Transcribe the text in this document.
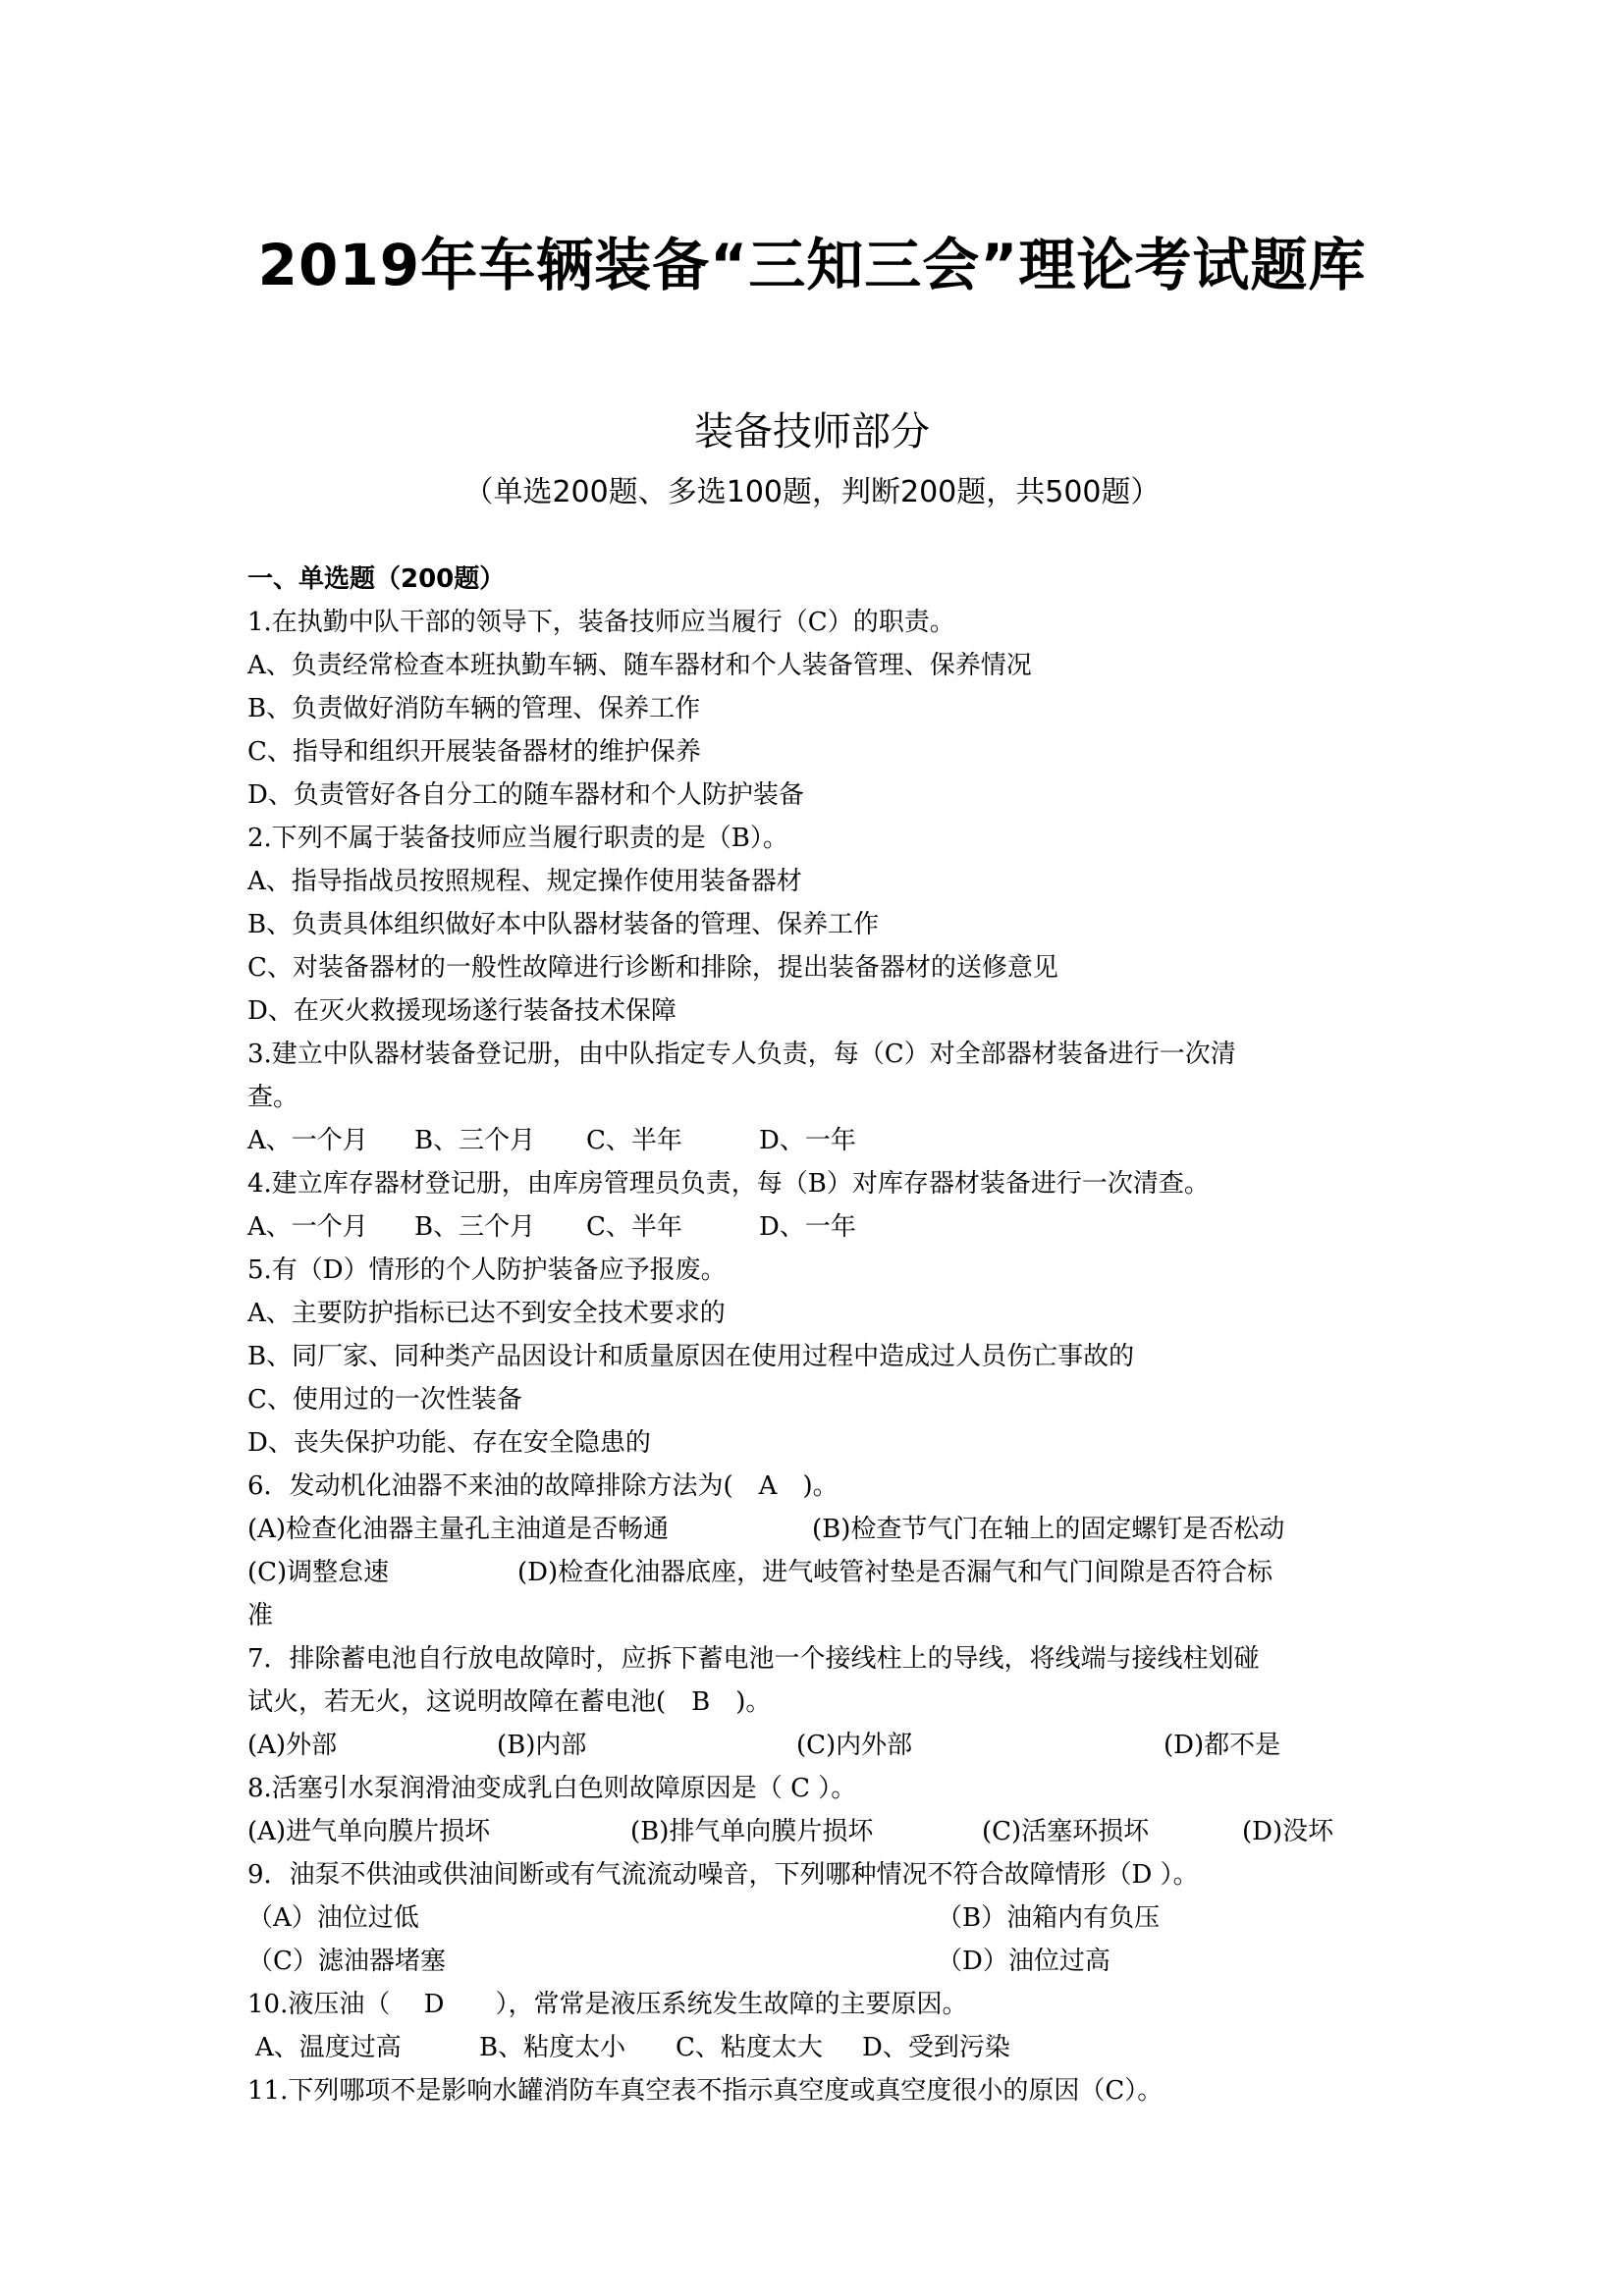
2019年车辆装备“三知三会”理论考试题库
装备技师部分
（单选200题、多选100题，判断200题，共500题）
一、单选题（200题）
1.在执勤中队干部的领导下，装备技师应当履行（C）的职责。
A、负责经常检查本班执勤车辆、随车器材和个人装备管理、保养情况
B、负责做好消防车辆的管理、保养工作
C、指导和组织开展装备器材的维护保养
D、负责管好各自分工的随车器材和个人防护装备
2.下列不属于装备技师应当履行职责的是（B）。
A、指导指战员按照规程、规定操作使用装备器材
B、负责具体组织做好本中队器材装备的管理、保养工作
C、对装备器材的一般性故障进行诊断和排除，提出装备器材的送修意见
D、在灭火救援现场遂行装备技术保障
3.建立中队器材装备登记册，由中队指定专人负责，每（C）对全部器材装备进行一次清
查。
A、一个月	B、三个月	C、半年	D、一年
4.建立库存器材登记册，由库房管理员负责，每（B）对库存器材装备进行一次清查。
A、一个月	B、三个月	C、半年	D、一年
5.有（D）情形的个人防护装备应予报废。
A、主要防护指标已达不到安全技术要求的
B、同厂家、同种类产品因设计和质量原因在使用过程中造成过人员伤亡事故的
C、使用过的一次性装备
D、丧失保护功能、存在安全隐患的
6．发动机化油器不来油的故障排除方法为(　A　)。
(A)检查化油器主量孔主油道是否畅通	(B)检查节气门在轴上的固定螺钉是否松动
(C)调整怠速	(D)检查化油器底座，进气岐管衬垫是否漏气和气门间隙是否符合标
准
7．排除蓄电池自行放电故障时，应拆下蓄电池一个接线柱上的导线，将线端与接线柱划碰
试火，若无火，这说明故障在蓄电池(　B　)。
(A)外部	(B)内部	(C)内外部	(D)都不是
8.活塞引水泵润滑油变成乳白色则故障原因是（ C ）。
(A)进气单向膜片损坏	(B)排气单向膜片损坏	(C)活塞环损坏	(D)没坏
9．油泵不供油或供油间断或有气流流动噪音，下列哪种情况不符合故障情形（D ）。
（A）油位过低	（B）油箱内有负压
（C）滤油器堵塞	（D）油位过高
10.液压油（　 D　　），常常是液压系统发生故障的主要原因。
A、温度过高	B、粘度太小	C、粘度太大	D、受到污染
11.下列哪项不是影响水罐消防车真空表不指示真空度或真空度很小的原因（C）。
